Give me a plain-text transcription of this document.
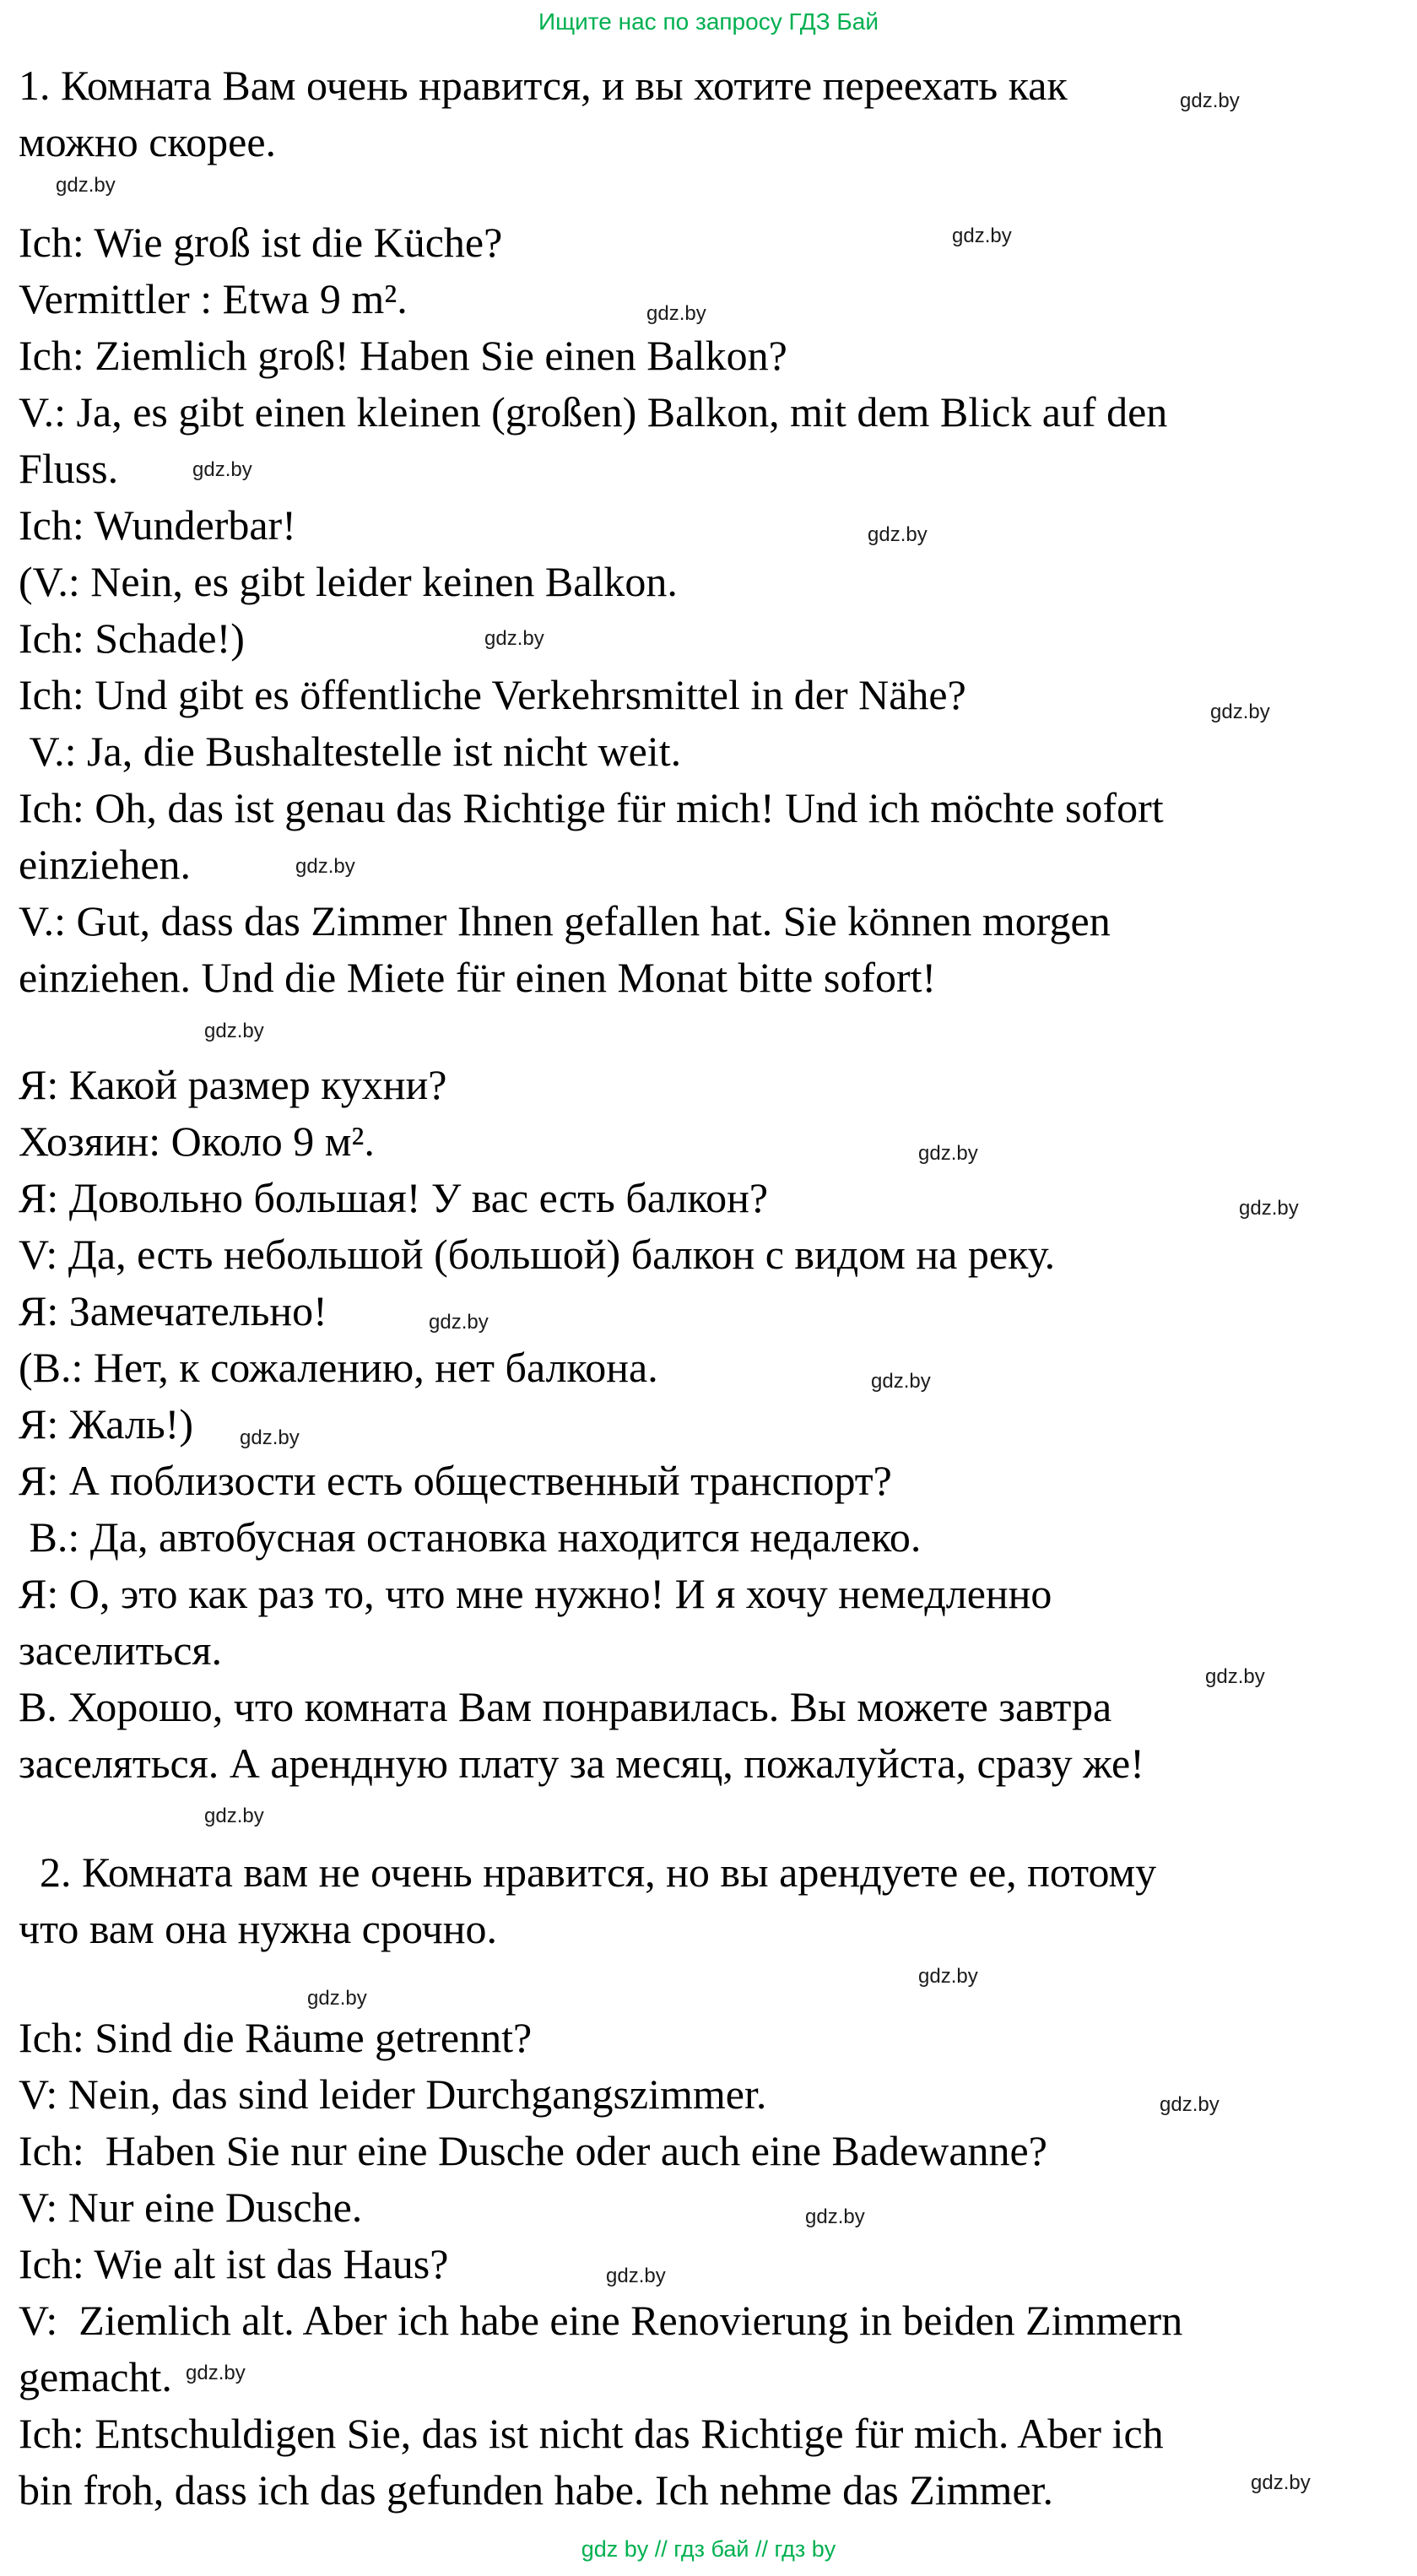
Ищите нас по запросу ГДЗ Бай
1. Комната Вам очень нравится, и вы хотите переехать как
можно скорее.
Ich: Wie groß ist die Küche?
Vermittler : Etwa 9 m².
Ich: Ziemlich groß! Haben Sie einen Balkon?
V.: Ja, es gibt einen kleinen (großen) Balkon, mit dem Blick auf den
Fluss.
Ich: Wunderbar!
(V.: Nein, es gibt leider keinen Balkon.
Ich: Schade!)
Ich: Und gibt es öffentliche Verkehrsmittel in der Nähe?
V.: Ja, die Bushaltestelle ist nicht weit.
Ich: Oh, das ist genau das Richtige für mich! Und ich möchte sofort
einziehen.
V.: Gut, dass das Zimmer Ihnen gefallen hat. Sie können morgen
einziehen. Und die Miete für einen Monat bitte sofort!
Я: Какой размер кухни?
Хозяин: Около 9 м².
Я: Довольно большая! У вас есть балкон?
V: Да, есть небольшой (большой) балкон с видом на реку.
Я: Замечательно!
(В.: Нет, к сожалению, нет балкона.
Я: Жаль!)
Я: А поблизости есть общественный транспорт?
В.: Да, автобусная остановка находится недалеко.
Я: О, это как раз то, что мне нужно! И я хочу немедленно
заселиться.
В. Хорошо, что комната Вам понравилась. Вы можете завтра
заселяться. А арендную плату за месяц, пожалуйста, сразу же!
2. Комната вам не очень нравится, но вы арендуете ее, потому
что вам она нужна срочно.
Ich: Sind die Räume getrennt?
V: Nein, das sind leider Durchgangszimmer.
Ich:  Haben Sie nur eine Dusche oder auch eine Badewanne?
V: Nur eine Dusche.
Ich: Wie alt ist das Haus?
V:  Ziemlich alt. Aber ich habe eine Renovierung in beiden Zimmern
gemacht.
Ich: Entschuldigen Sie, das ist nicht das Richtige für mich. Aber ich
bin froh, dass ich das gefunden habe. Ich nehme das Zimmer.
gdz by // гдз бай // гдз by
gdz.by
gdz.by
gdz.by
gdz.by
gdz.by
gdz.by
gdz.by
gdz.by
gdz.by
gdz.by
gdz.by
gdz.by
gdz.by
gdz.by
gdz.by
gdz.by
gdz.by
gdz.by
gdz.by
gdz.by
gdz.by
gdz.by
gdz.by
gdz.by
